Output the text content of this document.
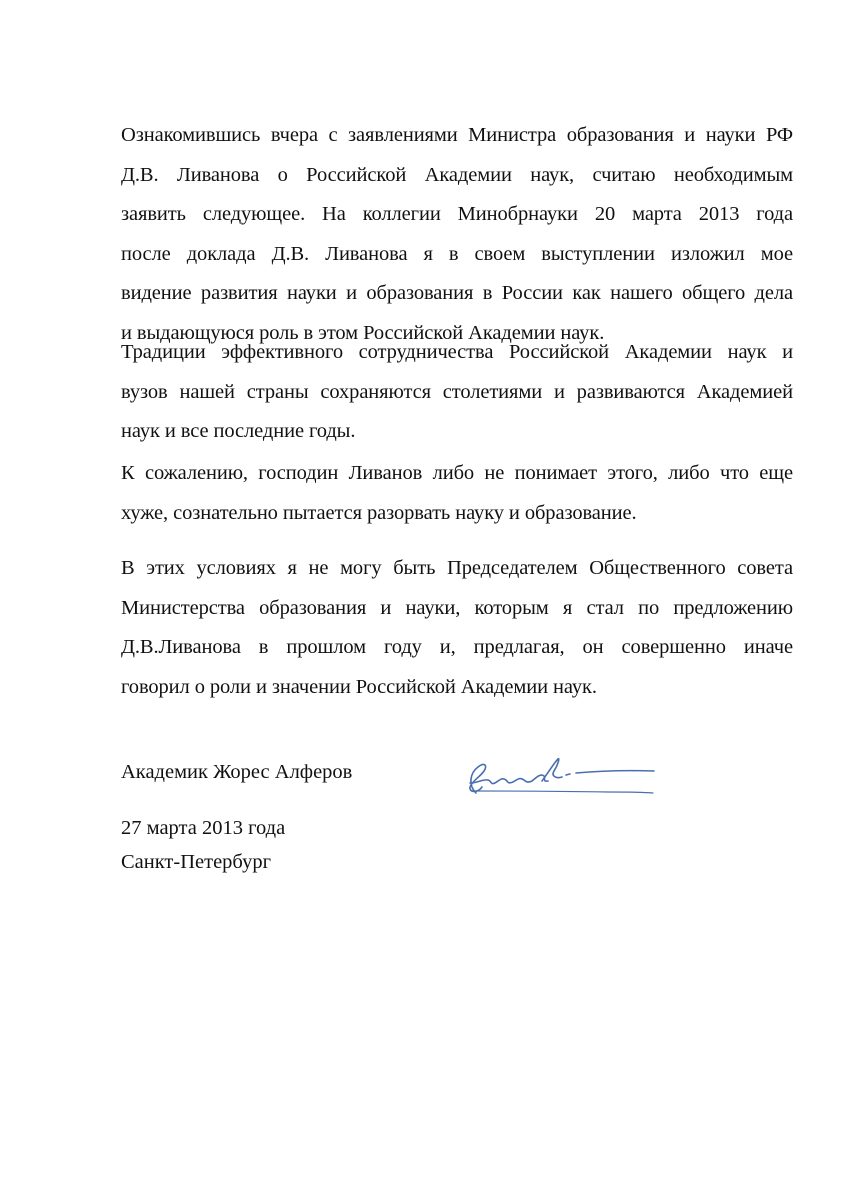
Ознакомившись вчера с заявлениями Министра образования и науки РФ
Д.В. Ливанова о Российской Академии наук, считаю необходимым
заявить следующее. На коллегии Минобрнауки 20 марта 2013 года
после доклада Д.В. Ливанова я в своем выступлении изложил мое
видение развития науки и образования в России как нашего общего дела
и выдающуюся роль в этом Российской Академии наук.
Традиции эффективного сотрудничества Российской Академии наук и
вузов нашей страны сохраняются столетиями и развиваются Академией
наук и все последние годы.
К сожалению, господин Ливанов либо не понимает этого, либо что еще
хуже, сознательно пытается разорвать науку и образование.
В этих условиях я не могу быть Председателем Общественного совета
Министерства образования и науки, которым я стал по предложению
Д.В.Ливанова в прошлом году и, предлагая, он совершенно иначе
говорил о роли и значении Российской Академии наук.
Академик Жорес Алферов
27 марта 2013 года
Санкт-Петербург
